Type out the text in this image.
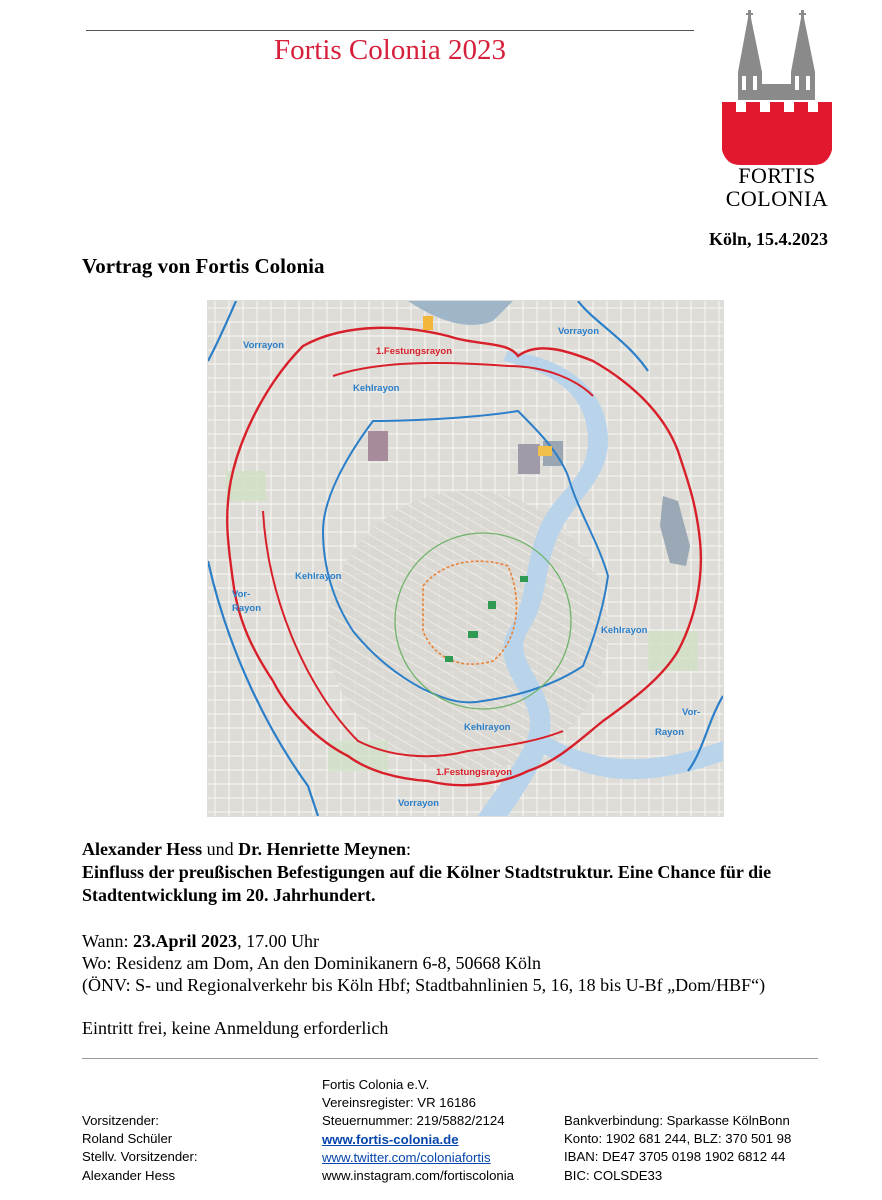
Fortis Colonia 2023
FORTIS
COLONIA
Köln, 15.4.2023
Vortrag von Fortis Colonia
Vorrayon
Vorrayon
Vorrayon
1.Festungsrayon
1.Festungsrayon
Kehlrayon
Kehlrayon
Kehlrayon
Kehlrayon
Vor-
Rayon
Vor-
Rayon
Alexander Hess und Dr. Henriette Meynen:
Einfluss der preußischen Befestigungen auf die Kölner Stadtstruktur. Eine Chance für die Stadtentwicklung im 20. Jahrhundert.
Wann: 23.April 2023, 17.00 Uhr
Wo: Residenz am Dom, An den Dominikanern 6-8, 50668 Köln
(ÖNV: S- und Regionalverkehr bis Köln Hbf; Stadtbahnlinien 5, 16, 18 bis U-Bf „Dom/HBF“)
Eintritt frei, keine Anmeldung erforderlich
Vorsitzender:
Roland Schüler
Stellv. Vorsitzender:
Alexander Hess
Fortis Colonia e.V.
Vereinsregister: VR 16186
Steuernummer: 219/5882/2124
www.fortis-colonia.de
www.twitter.com/coloniafortis
www.instagram.com/fortiscolonia
Bankverbindung: Sparkasse KölnBonn
Konto: 1902 681 244, BLZ: 370 501 98
IBAN: DE47 3705 0198 1902 6812 44
BIC: COLSDE33
